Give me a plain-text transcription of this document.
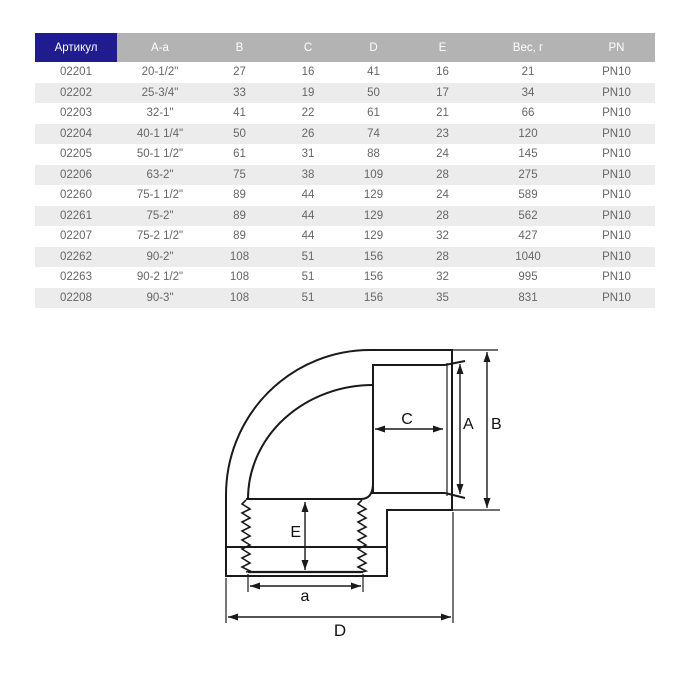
Артикул	А-а	B	C	D	E	Вес, г	PN
02201	20-1/2"	27	16	41	16	21	PN10
02202	25-3/4"	33	19	50	17	34	PN10
02203	32-1"	41	22	61	21	66	PN10
02204	40-1 1/4"	50	26	74	23	120	PN10
02205	50-1 1/2"	61	31	88	24	145	PN10
02206	63-2"	75	38	109	28	275	PN10
02260	75-1 1/2"	89	44	129	24	589	PN10
02261	75-2"	89	44	129	28	562	PN10
02207	75-2 1/2"	89	44	129	32	427	PN10
02262	90-2"	108	51	156	28	1040	PN10
02263	90-2 1/2"	108	51	156	32	995	PN10
02208	90-3"	108	51	156	35	831	PN10
C	A B
E
a
D
